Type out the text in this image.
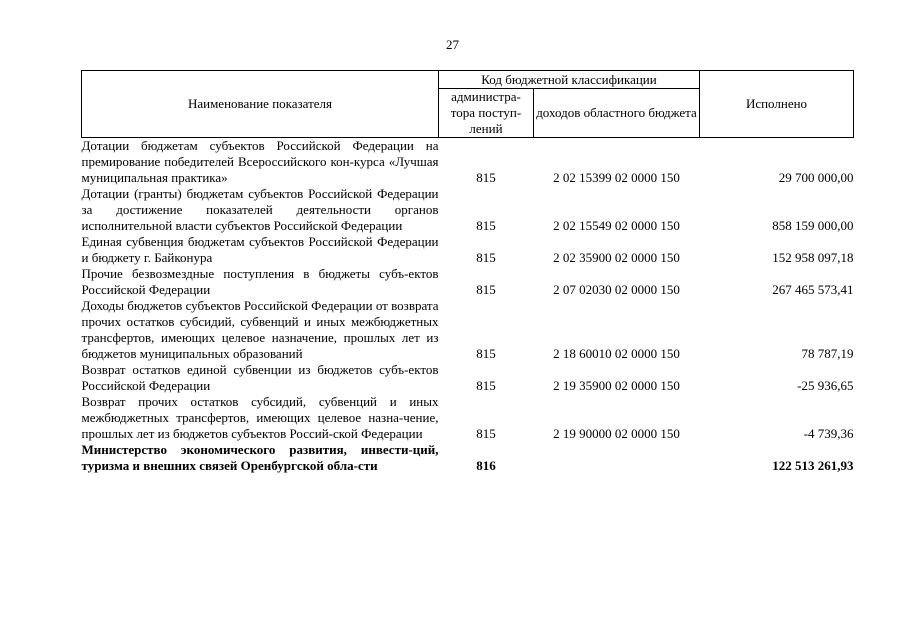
27
Наименование показателя	Код бюджетной классификации		Исполнено
	администра-тора поступ-лений	доходов областного бюджета	
Дотации бюджетам субъектов Российской Федерации на премирование победителей Всероссийского кон-курса «Лучшая муниципальная практика»	815	2 02 15399 02 0000 150	29 700 000,00
Дотации (гранты) бюджетам субъектов Российской Федерации за достижение показателей деятельности органов исполнительной власти субъектов Российской Федерации	815	2 02 15549 02 0000 150	858 159 000,00
Единая субвенция бюджетам субъектов Российской Федерации и бюджету г. Байконура	815	2 02 35900 02 0000 150	152 958 097,18
Прочие безвозмездные поступления в бюджеты субъ-ектов Российской Федерации	815	2 07 02030 02 0000 150	267 465 573,41
Доходы бюджетов субъектов Российской Федерации от возврата прочих остатков субсидий, субвенций и иных межбюджетных трансфертов, имеющих целевое назначение, прошлых лет из бюджетов муниципальных образований	815	2 18 60010 02 0000 150	78 787,19
Возврат остатков единой субвенции из бюджетов субъ-ектов Российской Федерации	815	2 19 35900 02 0000 150	-25 936,65
Возврат прочих остатков субсидий, субвенций и иных межбюджетных трансфертов, имеющих целевое назна-чение, прошлых лет из бюджетов субъектов Россий-ской Федерации	815	2 19 90000 02 0000 150	-4 739,36
Министерство экономического развития, инвести-ций, туризма и внешних связей Оренбургской обла-сти	816		122 513 261,93
